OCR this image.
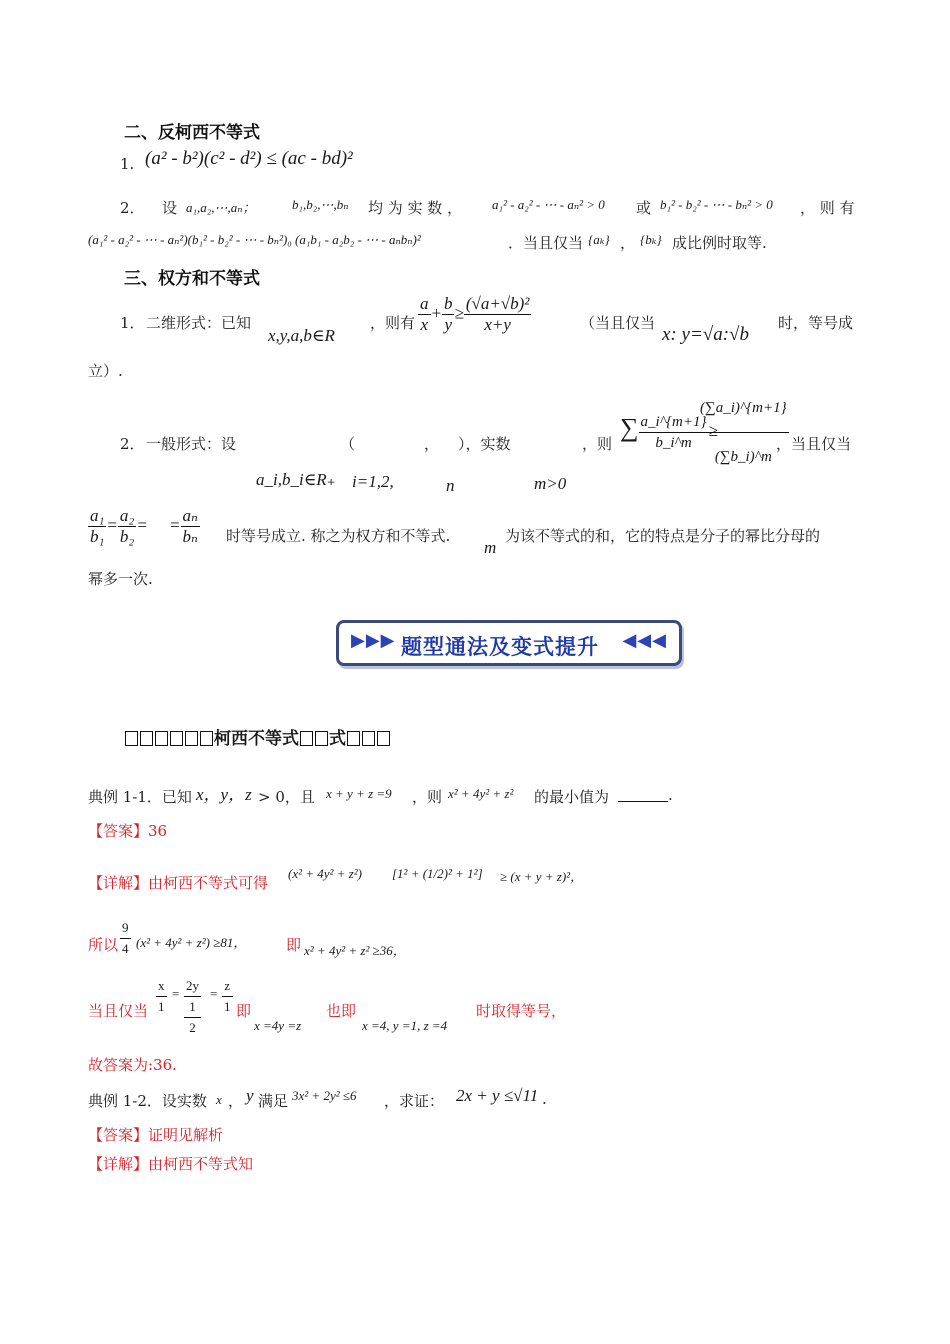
二、反柯西不等式
1. (a² - b²)(c² - d²) ≤ (ac - bd)²
2． 设 a₁,a₂,⋯,aₙ；	b₁,b₂,⋯,bₙ 均 为 实 数 ， a₁² - a₂² - ⋯ - aₙ² > 0 或 b₁² - b₂² - ⋯ - bₙ² > 0 ， 则 有
(a₁² - a₂² - ⋯ - aₙ²)(b₁² - b₂² - ⋯ - bₙ²)₀ (a₁b₁ - a₂b₂ - ⋯ - aₙbₙ)²	．当且仅当 {aₖ} ， {bₖ} 成比例时取等.
三、权方和不等式
1． 二维形式：已知
x,y,a,b∈R
，则有 $\frac{a}{x} + \frac{b}{y} \ge \frac{\text{(√a+√b)²}}{x+y}$	（当且仅当
x: y=√a:√b
时，等号成
立）.
2． 一般形式：设	（	， ），实数	，则
∑ $\frac{a\_i\^{}\{m+1\}}{b\_i\^{}m}$ ≥
$\frac{(\sum a\_i)\^{}\{m+1\}}{(\sum b\_i)\^{}m}$
，当且仅当
a_i,b_i∈R₊ i=1,2,	n	m>0
$\frac{\text{a₁}}{\text{b₁}} = \frac{\text{a₂}}{\text{b₂}}$ =     = $\frac{\text{aₙ}}{\text{bₙ}}$ 时等号成立. 称之为权方和不等式.
m
为该不等式的和，它的特点是分子的幂比分母的
幂多一次.
▶▶▶ 题型通法及变式提升 ◀◀◀
柯西不等式 式
典例 1-1．已知 x，y，z > 0，且 x + y + z =9 ，则 x² + 4y² + z² 的最小值为	.
【答案】36
【详解】由柯西不等式可得
(x² + 4y² + z²) [1² + (1/2)² + 1²] ≥ (x + y + z)²，
所以 $\frac{9}{4} (x^2 + 4y^2 + z^2) \ge 81$，	即 x² + 4y² + z² ≥36，
当且仅当 $\frac{x}{1}$ =
2y
1
2
= $\frac{z}{1}$ 即
x =4y =z
也即
x =4, y =1, z =4
时取得等号，
故答案为:36.
典例 1-2．设实数 x ， y 满足 3x² + 2y² ≤6 ，求证： 2x + y ≤√11 .
【答案】证明见解析
【详解】由柯西不等式知
